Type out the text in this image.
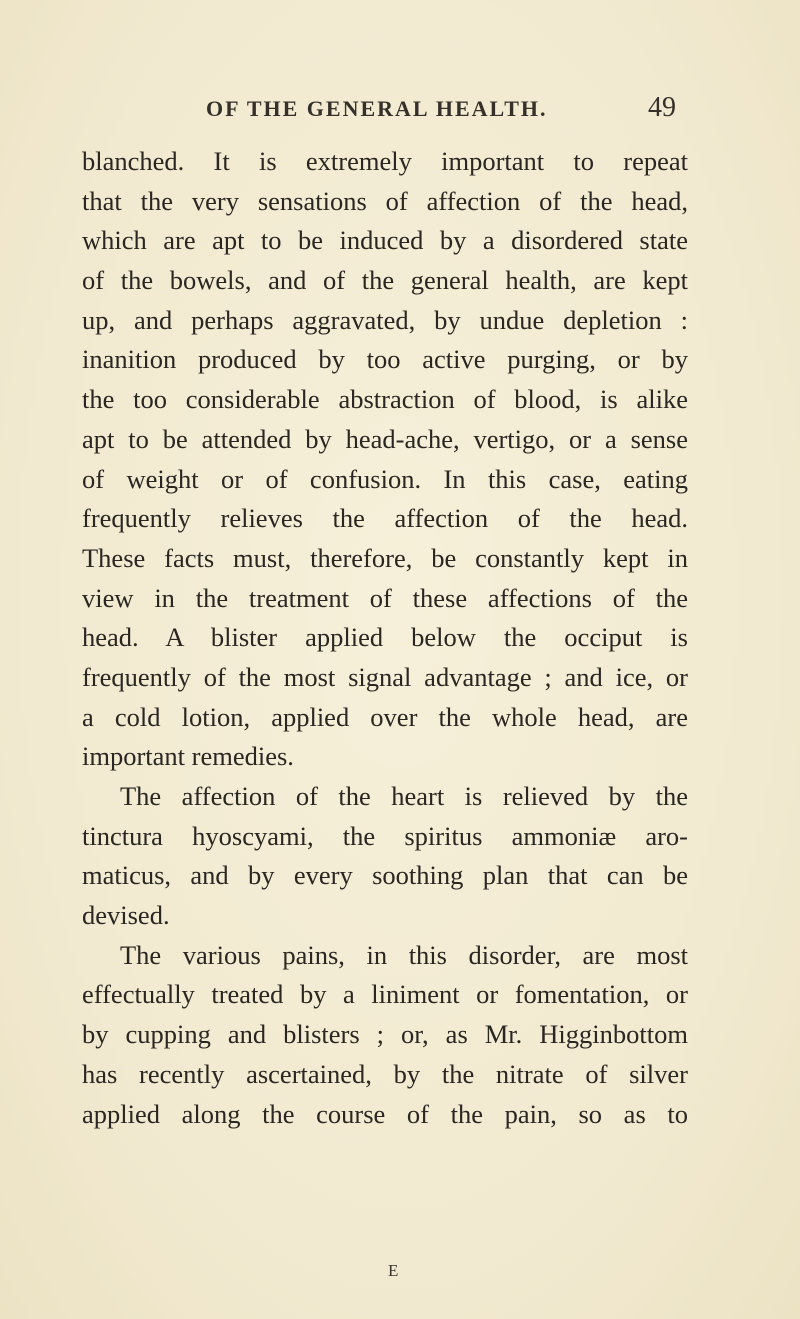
OF THE GENERAL HEALTH.	49
blanched. It is extremely important to repeat
that the very sensations of affection of the head,
which are apt to be induced by a disordered state
of the bowels, and of the general health, are kept
up, and perhaps aggravated, by undue depletion :
inanition produced by too active purging, or by
the too considerable abstraction of blood, is alike
apt to be attended by head-ache, vertigo, or a sense
of weight or of confusion. In this case, eating
frequently relieves the affection of the head.
These facts must, therefore, be constantly kept in
view in the treatment of these affections of the
head. A blister applied below the occiput is
frequently of the most signal advantage ; and ice, or
a cold lotion, applied over the whole head, are
important remedies.
The affection of the heart is relieved by the
tinctura hyoscyami, the spiritus ammoniæ aro-
maticus, and by every soothing plan that can be
devised.
The various pains, in this disorder, are most
effectually treated by a liniment or fomentation, or
by cupping and blisters ; or, as Mr. Higginbottom
has recently ascertained, by the nitrate of silver
applied along the course of the pain, so as to
E
